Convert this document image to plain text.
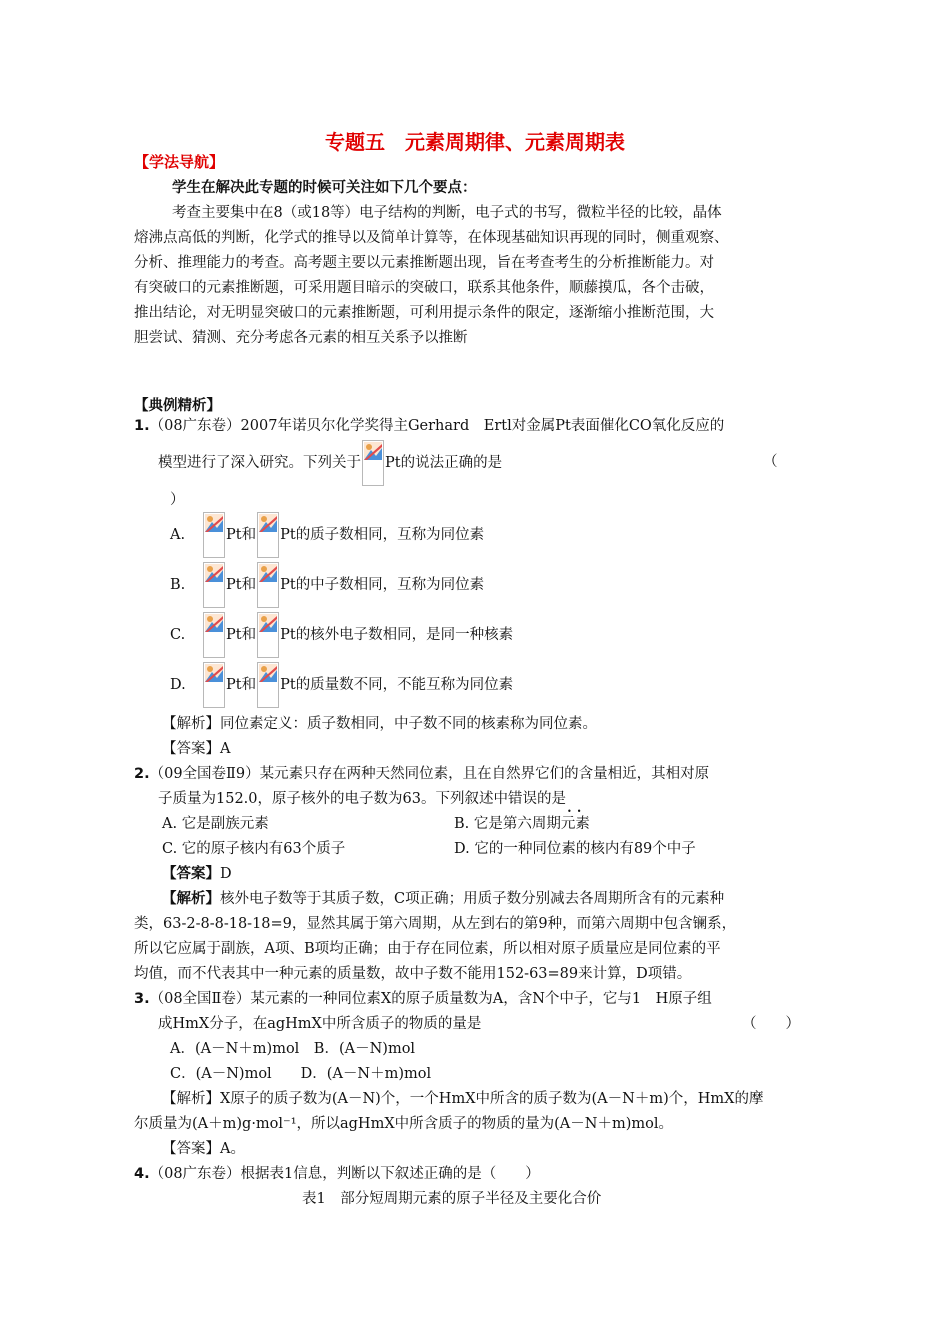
专题五　元素周期律、元素周期表
【学法导航】
学生在解决此专题的时候可关注如下几个要点：
考查主要集中在8（或18等）电子结构的判断，电子式的书写，微粒半径的比较，晶体
熔沸点高低的判断，化学式的推导以及简单计算等，在体现基础知识再现的同时，侧重观察、
分析、推理能力的考查。高考题主要以元素推断题出现，旨在考查考生的分析推断能力。对
有突破口的元素推断题，可采用题目暗示的突破口，联系其他条件，顺藤摸瓜，各个击破，
推出结论，对无明显突破口的元素推断题，可利用提示条件的限定，逐渐缩小推断范围，大
胆尝试、猜测、充分考虑各元素的相互关系予以推断
【典例精析】
1.（08广东卷）2007年诺贝尔化学奖得主Gerhard　Ertl对金属Pt表面催化CO氧化反应的
模型进行了深入研究。下列关于 Pt的说法正确的是	（
）
A.	Pt和 Pt的质子数相同，互称为同位素
B.	Pt和 Pt的中子数相同，互称为同位素
C.	Pt和 Pt的核外电子数相同，是同一种核素
D.	Pt和 Pt的质量数不同，不能互称为同位素
【解析】同位素定义：质子数相同，中子数不同的核素称为同位素。
【答案】A
2.（09全国卷Ⅱ9）某元素只存在两种天然同位素，且在自然界它们的含量相近，其相对原
子质量为152.0，原子核外的电子数为63。下列叙述中错误的是
•  •
A. 它是副族元素	B. 它是第六周期元素
C. 它的原子核内有63个质子	D. 它的一种同位素的核内有89个中子
【答案】D
【解析】核外电子数等于其质子数，C项正确；用质子数分别减去各周期所含有的元素种
类，63-2-8-8-18-18=9，显然其属于第六周期，从左到右的第9种，而第六周期中包含镧系，
所以它应属于副族，A项、B项均正确；由于存在同位素，所以相对原子质量应是同位素的平
均值，而不代表其中一种元素的质量数，故中子数不能用152-63=89来计算，D项错。
3.（08全国Ⅱ卷）某元素的一种同位素X的原子质量数为A，含N个中子，它与1　H原子组
成HmX分子，在agHmX中所含质子的物质的量是	（　　）
A．(A－N＋m)mol　B．(A－N)mol
C．(A－N)mol　　D．(A－N＋m)mol
【解析】X原子的质子数为(A－N)个，一个HmX中所含的质子数为(A－N＋m)个，HmX的摩
尔质量为(A＋m)g·mol⁻¹，所以agHmX中所含质子的物质的量为(A－N＋m)mol。
【答案】A。
4.（08广东卷）根据表1信息，判断以下叙述正确的是（　　）
表1　部分短周期元素的原子半径及主要化合价
